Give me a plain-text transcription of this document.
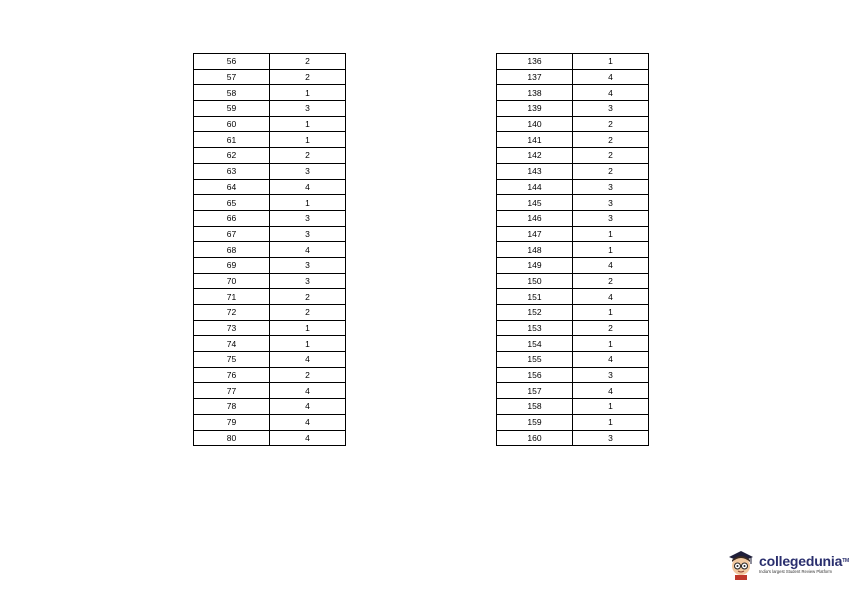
56	2
57	2
58	1
59	3
60	1
61	1
62	2
63	3
64	4
65	1
66	3
67	3
68	4
69	3
70	3
71	2
72	2
73	1
74	1
75	4
76	2
77	4
78	4
79	4
80	4
136	1
137	4
138	4
139	3
140	2
141	2
142	2
143	2
144	3
145	3
146	3
147	1
148	1
149	4
150	2
151	4
152	1
153	2
154	1
155	4
156	3
157	4
158	1
159	1
160	3
collegedunia™
India's largest Student Review Platform
